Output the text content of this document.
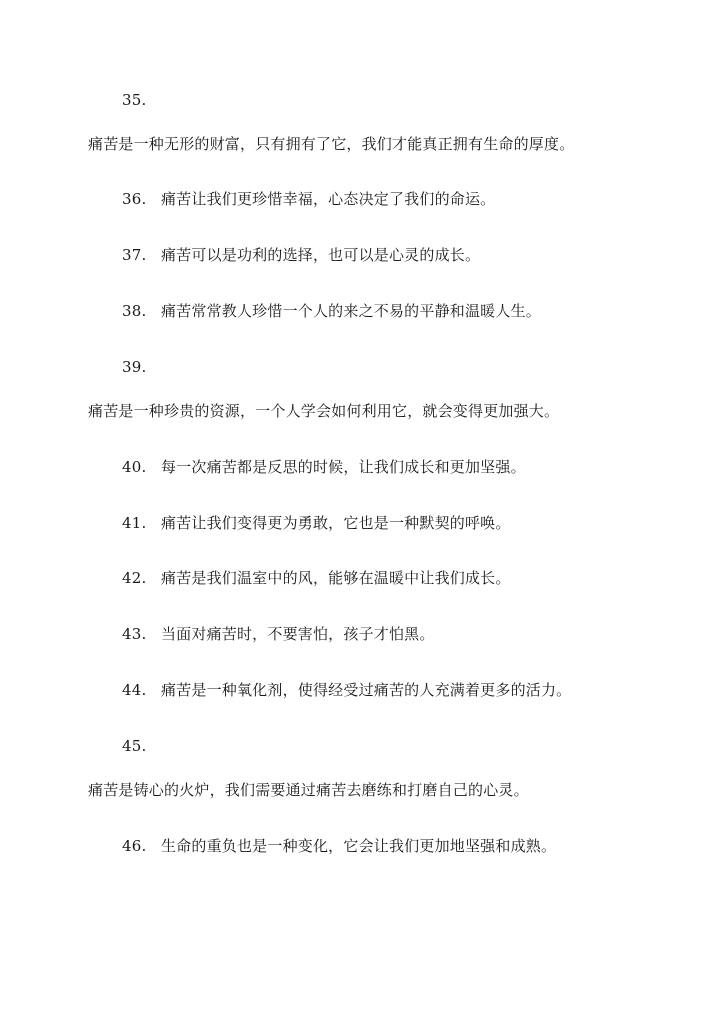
35.
痛苦是一种无形的财富，只有拥有了它，我们才能真正拥有生命的厚度。
36. 痛苦让我们更珍惜幸福，心态决定了我们的命运。
37. 痛苦可以是功利的选择，也可以是心灵的成长。
38. 痛苦常常教人珍惜一个人的来之不易的平静和温暖人生。
39.
痛苦是一种珍贵的资源，一个人学会如何利用它，就会变得更加强大。
40. 每一次痛苦都是反思的时候，让我们成长和更加坚强。
41. 痛苦让我们变得更为勇敢，它也是一种默契的呼唤。
42. 痛苦是我们温室中的风，能够在温暖中让我们成长。
43. 当面对痛苦时，不要害怕，孩子才怕黑。
44. 痛苦是一种氧化剂，使得经受过痛苦的人充满着更多的活力。
45.
痛苦是铸心的火炉，我们需要通过痛苦去磨练和打磨自己的心灵。
46. 生命的重负也是一种变化，它会让我们更加地坚强和成熟。
